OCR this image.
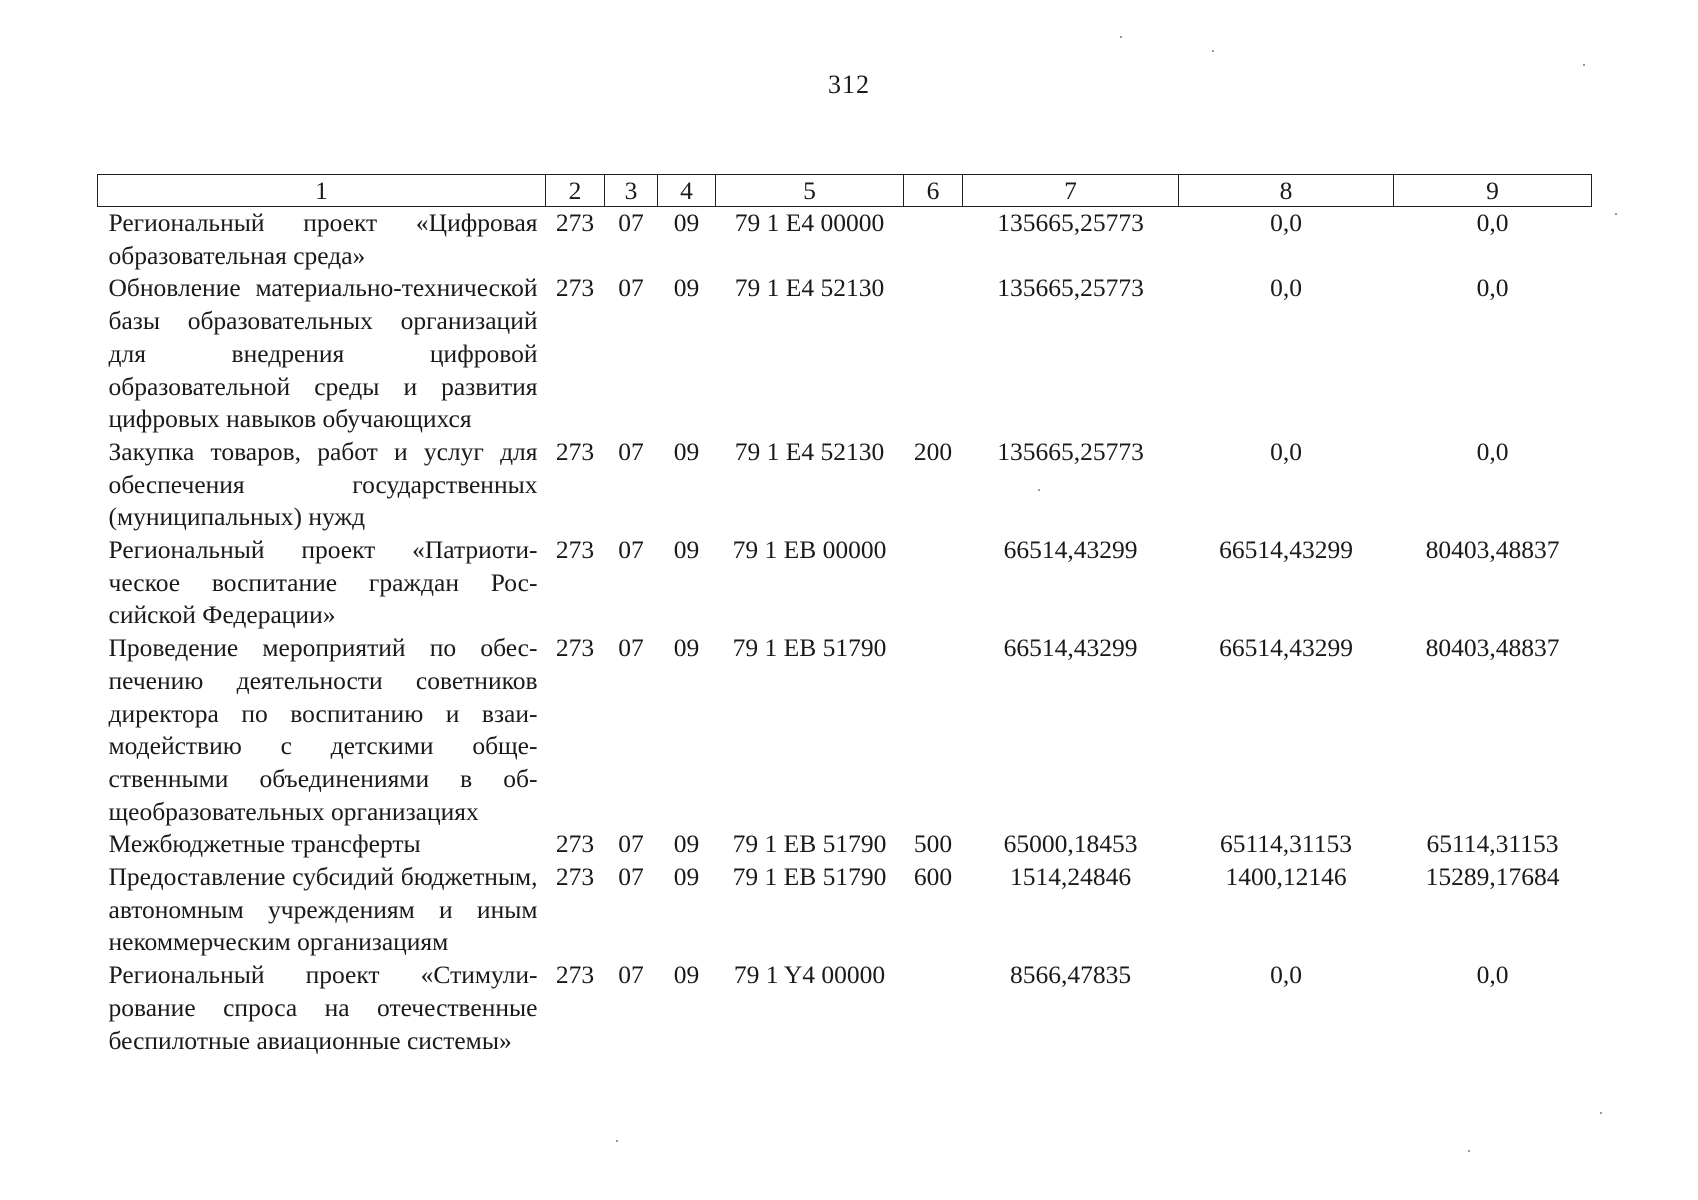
312
1	2	3	4	5	6	7	8	9
Региональный проект «Цифровая образовательная среда»	273	07	09	79 1 E4 00000		135665,25773	0,0	0,0
Обновление материально-технической базы образовательных организаций для внедрения цифровой образовательной среды и развития цифровых навыков обучающихся	273	07	09	79 1 E4 52130		135665,25773	0,0	0,0
Закупка товаров, работ и услуг для обеспечения государственных (муниципальных) нужд	273	07	09	79 1 E4 52130	200	135665,25773	0,0	0,0
Региональный проект «Патриотическое воспитание граждан Российской Федерации»	273	07	09	79 1 EB 00000		66514,43299	66514,43299	80403,48837
Проведение мероприятий по обеспечению деятельности советников директора по воспитанию и взаимодействию с детскими общественными объединениями в общеобразовательных организациях	273	07	09	79 1 EB 51790		66514,43299	66514,43299	80403,48837
Межбюджетные трансферты	273	07	09	79 1 EB 51790	500	65000,18453	65114,31153	65114,31153
Предоставление субсидий бюджетным, автономным учреждениям и иным некоммерческим организациям	273	07	09	79 1 EB 51790	600	1514,24846	1400,12146	15289,17684
Региональный проект «Стимулирование спроса на отечественные беспилотные авиационные системы»	273	07	09	79 1 Y4 00000		8566,47835	0,0	0,0
